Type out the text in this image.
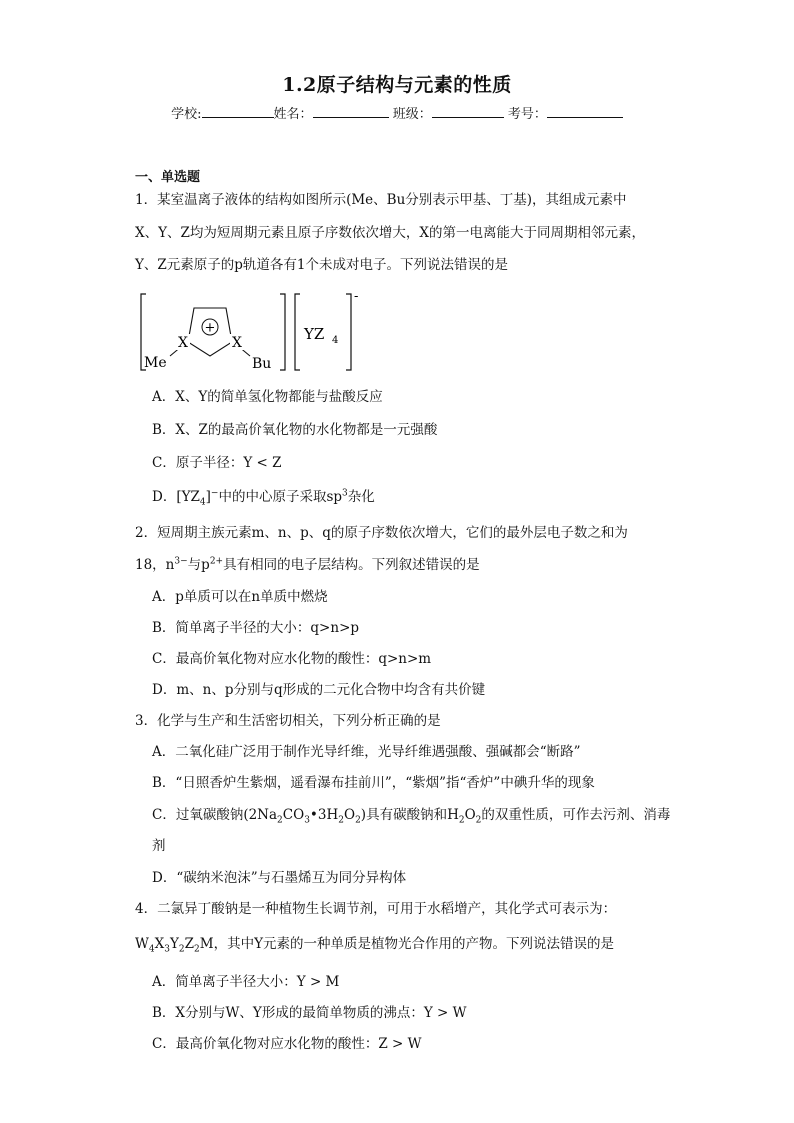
1.2原子结构与元素的性质
学校:	姓名：	班级：	考号：
一、单选题
1．某室温离子液体的结构如图所示(Me、Bu分别表示甲基、丁基)，其组成元素中
X、Y、Z均为短周期元素且原子序数依次增大，X的第一电离能大于同周期相邻元素，
Y、Z元素原子的p轨道各有1个未成对电子。下列说法错误的是
+
X	X
Me	Bu
YZ 4
-
A．X、Y的简单氢化物都能与盐酸反应
B．X、Z的最高价氧化物的水化物都是一元强酸
C．原子半径：Y < Z
D．$[YZ_4]^-$中的中心原子采取$sp^3$杂化
2．短周期主族元素m、n、p、q的原子序数依次增大，它们的最外层电子数之和为
18，$n^{3-}$与$p^{2+}$具有相同的电子层结构。下列叙述错误的是
A．p单质可以在n单质中燃烧
B．简单离子半径的大小：q>n>p
C．最高价氧化物对应水化物的酸性：q>n>m
D．m、n、p分别与q形成的二元化合物中均含有共价键
3．化学与生产和生活密切相关，下列分析正确的是
A．二氧化硅广泛用于制作光导纤维，光导纤维遇强酸、强碱都会“断路”
B．“日照香炉生紫烟，遥看瀑布挂前川”，“紫烟”指“香炉”中碘升华的现象
C．过氧碳酸钠$(2Na_2CO_3•3H_2O_2)$具有碳酸钠和$H_2O_2$的双重性质，可作去污剂、消毒
剂
D．“碳纳米泡沫”与石墨烯互为同分异构体
4．二氯异丁酸钠是一种植物生长调节剂，可用于水稻增产，其化学式可表示为：
$W_4X_3Y_2Z_2M$，其中Y元素的一种单质是植物光合作用的产物。下列说法错误的是
A．简单离子半径大小：Y > M
B．X分别与W、Y形成的最简单物质的沸点：Y > W
C．最高价氧化物对应水化物的酸性：Z > W
